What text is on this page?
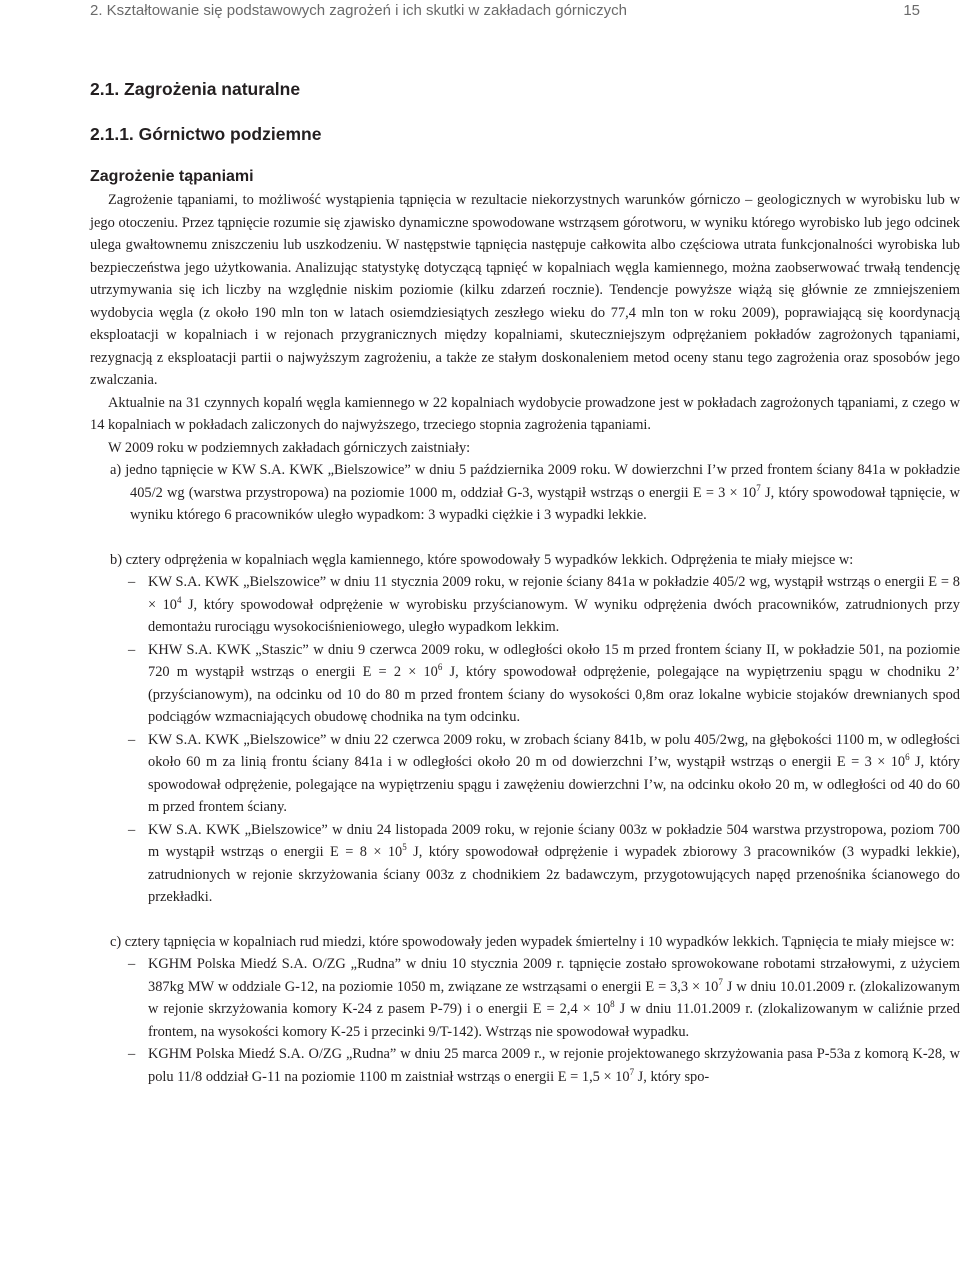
2. Kształtowanie się podstawowych zagrożeń i ich skutki w zakładach górniczych	15
2.1. Zagrożenia naturalne
2.1.1. Górnictwo podziemne
Zagrożenie tąpaniami

Zagrożenie tąpaniami, to możliwość wystąpienia tąpnięcia w rezultacie niekorzystnych warunków górniczo – geologicznych w wyrobisku lub w jego otoczeniu. Przez tąpnięcie rozumie się zjawisko dynamiczne spowodowane wstrząsem górotworu, w wyniku którego wyrobisko lub jego odcinek ulega gwałtownemu zniszczeniu lub uszkodzeniu. W następstwie tąpnięcia następuje całkowita albo częściowa utrata funkcjonalności wyrobiska lub bezpieczeństwa jego użytkowania. Analizując statystykę dotyczącą tąpnięć w kopalniach węgla kamiennego, można zaobserwować trwałą tendencję utrzymywania się ich liczby na względnie niskim poziomie (kilku zdarzeń rocznie). Tendencje powyższe wiążą się głównie ze zmniejszeniem wydobycia węgla (z około 190 mln ton w latach osiemdziesiątych zeszłego wieku do 77,4 mln ton w roku 2009), poprawiającą się koordynacją eksploatacji w kopalniach i w rejonach przygranicznych między kopalniami, skuteczniejszym odprężaniem pokładów zagrożonych tąpaniami, rezygnacją z eksploatacji partii o najwyższym zagrożeniu, a także ze stałym doskonaleniem metod oceny stanu tego zagrożenia oraz sposobów jego zwalczania.

Aktualnie na 31 czynnych kopalń węgla kamiennego w 22 kopalniach wydobycie prowadzone jest w pokładach zagrożonych tąpaniami, z czego w 14 kopalniach w pokładach zaliczonych do najwyższego, trzeciego stopnia zagrożenia tąpaniami.

W 2009 roku w podziemnych zakładach górniczych zaistniały:

a) jedno tąpnięcie w KW S.A. KWK „Bielszowice” w dniu 5 października 2009 roku. W dowierzchni I’w przed frontem ściany 841a w pokładzie 405/2 wg (warstwa przystropowa) na poziomie 1000 m, oddział G-3, wystąpił wstrząs o energii $E = 3 \times 10^7$ J, który spowodował tąpnięcie, w wyniku którego 6 pracowników uległo wypadkom: 3 wypadki ciężkie i 3 wypadki lekkie.

b) cztery odprężenia w kopalniach węgla kamiennego, które spowodowały 5 wypadków lekkich. Odprężenia te miały miejsce w:

– KW S.A. KWK „Bielszowice” w dniu 11 stycznia 2009 roku, w rejonie ściany 841a w pokładzie 405/2 wg, wystąpił wstrząs o energii $E = 8 \times 10^4$ J, który spowodował odprężenie w wyrobisku przyścianowym. W wyniku odprężenia dwóch pracowników, zatrudnionych przy demontażu rurociągu wysokociśnieniowego, uległo wypadkom lekkim.

– KHW S.A. KWK „Staszic” w dniu 9 czerwca 2009 roku, w odległości około 15 m przed frontem ściany II, w pokładzie 501, na poziomie 720 m wystąpił wstrząs o energii $E = 2 \times 10^6$ J, który spowodował odprężenie, polegające na wypiętrzeniu spągu w chodniku 2’ (przyścianowym), na odcinku od 10 do 80 m przed frontem ściany do wysokości 0,8m oraz lokalne wybicie stojaków drewnianych spod podciągów wzmacniających obudowę chodnika na tym odcinku.

– KW S.A. KWK „Bielszowice” w dniu 22 czerwca 2009 roku, w zrobach ściany 841b, w polu 405/2wg, na głębokości 1100 m, w odległości około 60 m za linią frontu ściany 841a i w odległości około 20 m od dowierzchni I’w, wystąpił wstrząs o energii $E = 3 \times 10^6$ J, który spowodował odprężenie, polegające na wypiętrzeniu spągu i zawężeniu dowierzchni I’w, na odcinku około 20 m, w odległości od 40 do 60 m przed frontem ściany.

– KW S.A. KWK „Bielszowice” w dniu 24 listopada 2009 roku, w rejonie ściany 003z w pokładzie 504 warstwa przystropowa, poziom 700 m wystąpił wstrząs o energii $E = 8 \times 10^5$ J, który spowodował odprężenie i wypadek zbiorowy 3 pracowników (3 wypadki lekkie), zatrudnionych w rejonie skrzyżowania ściany 003z z chodnikiem 2z badawczym, przygotowujących napęd przenośnika ścianowego do przekładki.

c) cztery tąpnięcia w kopalniach rud miedzi, które spowodowały jeden wypadek śmiertelny i 10 wypadków lekkich. Tąpnięcia te miały miejsce w:

– KGHM Polska Miedź S.A. O/ZG „Rudna” w dniu 10 stycznia 2009 r. tąpnięcie zostało sprowokowane robotami strzałowymi, z użyciem 387kg MW w oddziale G-12, na poziomie 1050 m, związane ze wstrząsami o energii $E = 3,3 \times 10^7$ J w dniu 10.01.2009 r. (zlokalizowanym w rejonie skrzyżowania komory K-24 z pasem P-79) i o energii $E = 2,4 \times 10^8$ J w dniu 11.01.2009 r. (zlokalizowanym w caliźnie przed frontem, na wysokości komory K-25 i przecinki 9/T-142). Wstrząs nie spowodował wypadku.

– KGHM Polska Miedź S.A. O/ZG „Rudna” w dniu 25 marca 2009 r., w rejonie projektowanego skrzyżowania pasa P-53a z komorą K-28, w polu 11/8 oddział G-11 na poziomie 1100 m zaistniał wstrząs o energii $E = 1,5 \times 10^7$ J, który spo-
